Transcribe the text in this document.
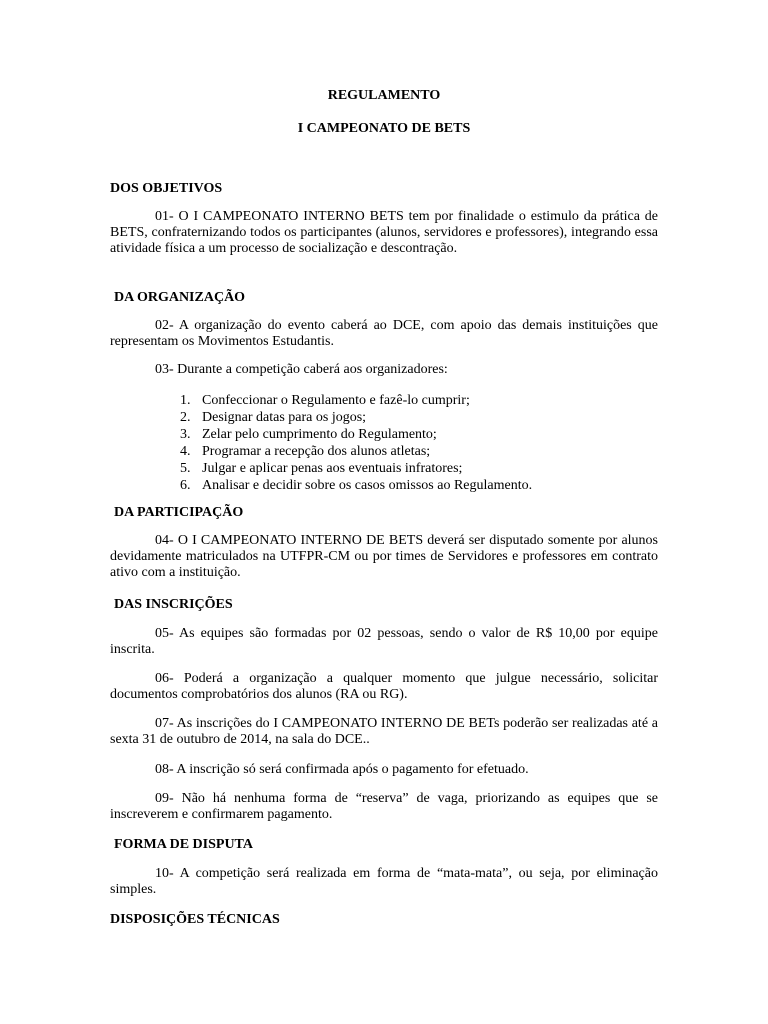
REGULAMENTO

I CAMPEONATO DE BETS

DOS OBJETIVOS

01- O I CAMPEONATO INTERNO BETS tem por finalidade o estimulo da prática de BETS, confraternizando todos os participantes (alunos, servidores e professores), integrando essa atividade física a um processo de socialização e descontração.

DA ORGANIZAÇÃO

02- A organização do evento caberá ao DCE, com apoio das demais instituições que representam os Movimentos Estudantis.

03- Durante a competição caberá aos organizadores:

1. Confeccionar o Regulamento e fazê-lo cumprir;
2. Designar datas para os jogos;
3. Zelar pelo cumprimento do Regulamento;
4. Programar a recepção dos alunos atletas;
5. Julgar e aplicar penas aos eventuais infratores;
6. Analisar e decidir sobre os casos omissos ao Regulamento.

DA PARTICIPAÇÃO

04- O I CAMPEONATO INTERNO DE BETS deverá ser disputado somente por alunos devidamente matriculados na UTFPR-CM ou por times de Servidores e professores em contrato ativo com a instituição.

DAS INSCRIÇÕES

05- As equipes são formadas por 02 pessoas, sendo o valor de R$ 10,00 por equipe inscrita.

06- Poderá a organização a qualquer momento que julgue necessário, solicitar documentos comprobatórios dos alunos (RA ou RG).

07- As inscrições do I CAMPEONATO INTERNO DE BETs poderão ser realizadas até a sexta 31 de outubro de 2014, na sala do DCE..

08- A inscrição só será confirmada após o pagamento for efetuado.

09- Não há nenhuma forma de “reserva” de vaga, priorizando as equipes que se inscreverem e confirmarem pagamento.

FORMA DE DISPUTA

10- A competição será realizada em forma de “mata-mata”, ou seja, por eliminação simples.

DISPOSIÇÕES TÉCNICAS
